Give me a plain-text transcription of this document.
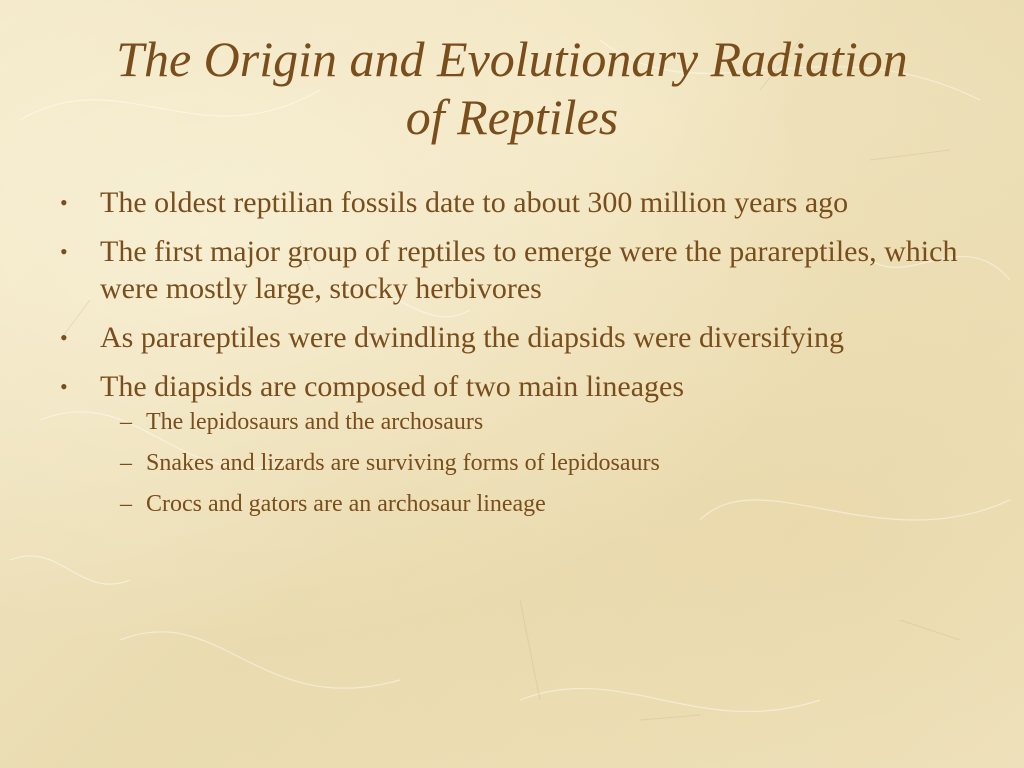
The Origin and Evolutionary Radiation
of Reptiles
• The oldest reptilian fossils date to about 300 million years ago
• The first major group of reptiles to emerge were the parareptiles, which were mostly large, stocky herbivores
• As parareptiles were dwindling the diapsids were diversifying
• The diapsids are composed of two main lineages
– The lepidosaurs and the archosaurs
– Snakes and lizards are surviving forms of lepidosaurs
– Crocs and gators are an archosaur lineage
